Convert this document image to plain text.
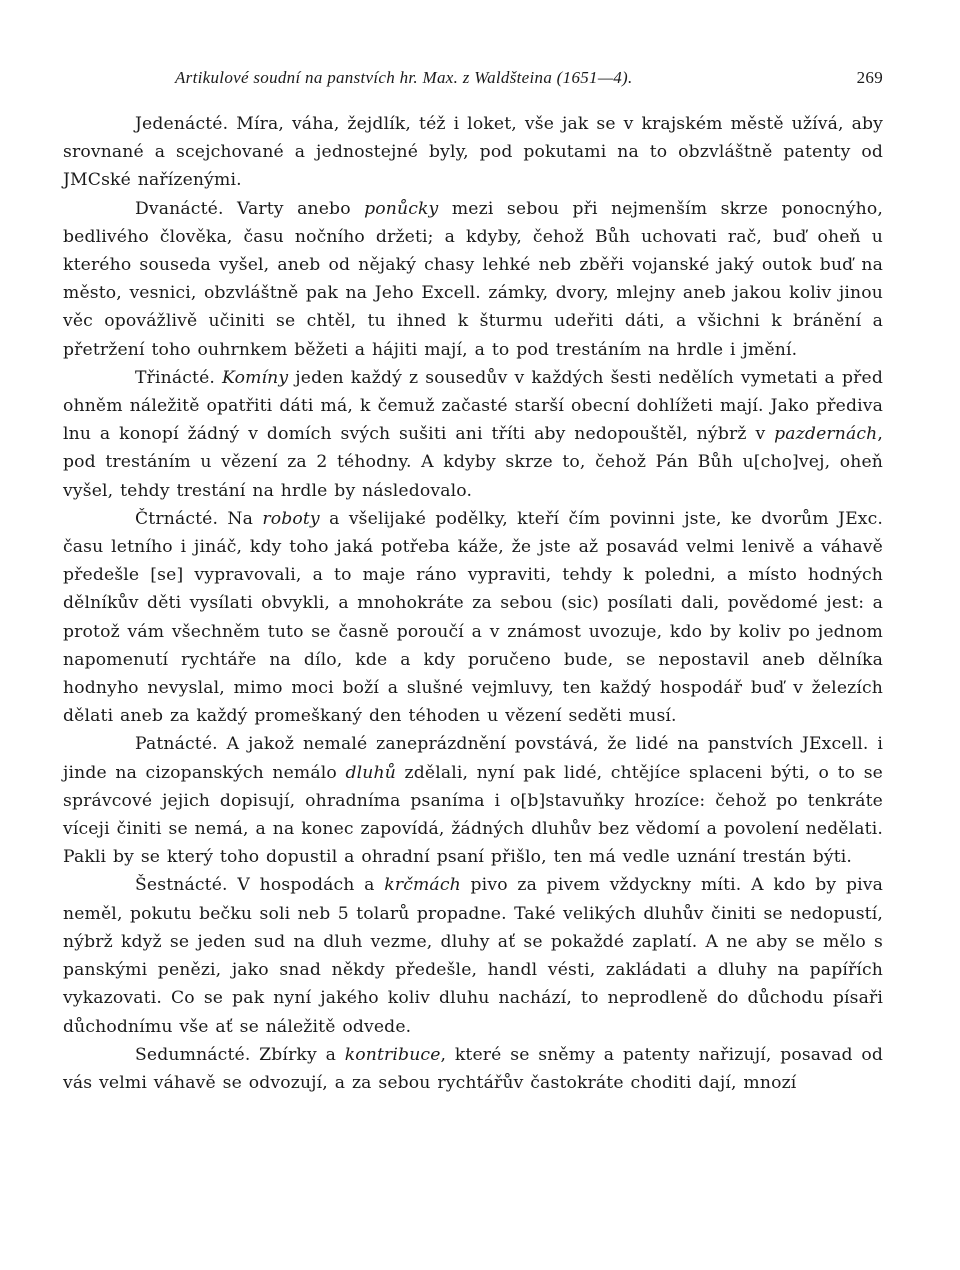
Artikulové soudní na panstvích hr. Max. z Waldšteina (1651—4).	269

Jedenácté. Míra, váha, žejdlík, též i loket, vše jak se v krajském městě užívá, aby srovnané a scejchované a jednostejné byly, pod pokutami na to obzvláštně patenty od JMCské nařízenými.

Dvanácté. Varty anebo ponůcky mezi sebou při nejmenším skrze ponocnýho, bedlivého člověka, času nočního držeti; a kdyby, čehož Bůh uchovati rač, buď oheň u kterého souseda vyšel, aneb od nějaký chasy lehké neb zběři vojanské jaký outok buď na město, vesnici, obzvláštně pak na Jeho Excell. zámky, dvory, mlejny aneb jakou koliv jinou věc opovážlivě učiniti se chtěl, tu ihned k šturmu udeřiti dáti, a všichni k bránění a přetržení toho ouhrnkem běžeti a hájiti mají, a to pod trestáním na hrdle i jmění.

Třinácté. Komíny jeden každý z sousedův v každých šesti nedělích vymetati a před ohněm náležitě opatřiti dáti má, k čemuž začasté starší obecní dohlížeti mají. Jako přediva lnu a konopí žádný v domích svých sušiti ani tříti aby nedopouštěl, nýbrž v pazdernách, pod trestáním u vězení za 2 téhodny. A kdyby skrze to, čehož Pán Bůh u[cho]vej, oheň vyšel, tehdy trestání na hrdle by následovalo.

Čtrnácté. Na roboty a všelijaké podělky, kteří čím povinni jste, ke dvorům JExc. času letního i jináč, kdy toho jaká potřeba káže, že jste až posavád velmi lenivě a váhavě předešle [se] vypravovali, a to maje ráno vypraviti, tehdy k poledni, a místo hodných dělníkův děti vysílati obvykli, a mnohokráte za sebou (sic) posílati dali, povědomé jest: a protož vám všechněm tuto se časně poroučí a v známost uvozuje, kdo by koliv po jednom napomenutí rychtáře na dílo, kde a kdy poručeno bude, se nepostavil aneb dělníka hodnyho nevyslal, mimo moci boží a slušné vejmluvy, ten každý hospodář buď v železích dělati aneb za každý promeškaný den téhoden u vězení seděti musí.

Patnácté. A jakož nemalé zaneprázdnění povstává, že lidé na panstvích JExcell. i jinde na cizopanských nemálo dluhů zdělali, nyní pak lidé, chtějíce splaceni býti, o to se správcové jejich dopisují, ohradníma psaníma i o[b]stavuňky hrozíce: čehož po tenkráte víceji činiti se nemá, a na konec zapovídá, žádných dluhův bez vědomí a povolení nedělati. Pakli by se který toho dopustil a ohradní psaní přišlo, ten má vedle uznání trestán býti.

Šestnácté. V hospodách a krčmách pivo za pivem vždyckny míti. A kdo by piva neměl, pokutu bečku soli neb 5 tolarů propadne. Také velikých dluhův činiti se nedopustí, nýbrž když se jeden sud na dluh vezme, dluhy ať se pokaždé zaplatí. A ne aby se mělo s panskými penězi, jako snad někdy předešle, handl vésti, zakládati a dluhy na papířích vykazovati. Co se pak nyní jakého koliv dluhu nachází, to neprodleně do důchodu písaři důchodnímu vše ať se náležitě odvede.

Sedumnácté. Zbírky a kontribuce, které se sněmy a patenty nařizují, posavad od vás velmi váhavě se odvozují, a za sebou rychtářův častokráte choditi dají, mnozí
